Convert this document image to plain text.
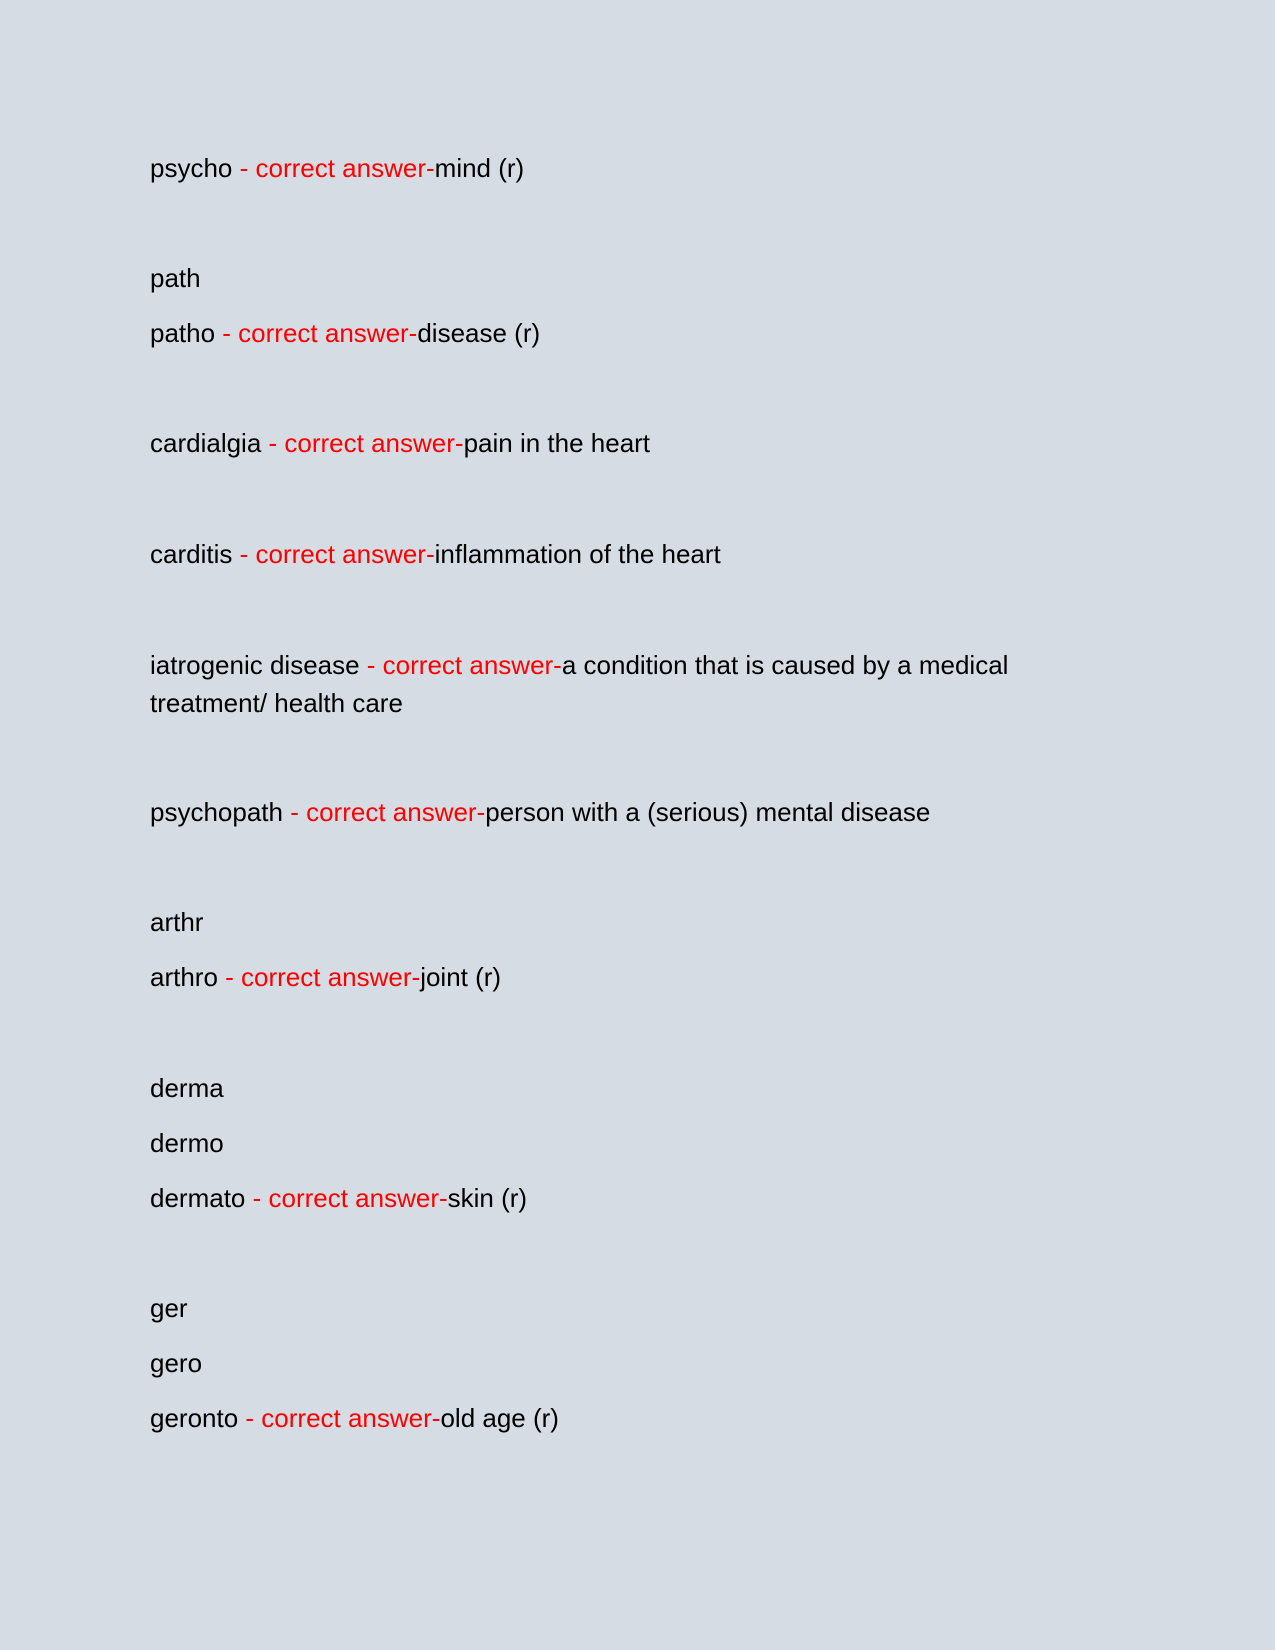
psycho - correct answer-mind (r)
path
patho - correct answer-disease (r)
cardialgia - correct answer-pain in the heart
carditis - correct answer-inflammation of the heart
iatrogenic disease - correct answer-a condition that is caused by a medical treatment/ health care
psychopath - correct answer-person with a (serious) mental disease
arthr
arthro - correct answer-joint (r)
derma
dermo
dermato - correct answer-skin (r)
ger
gero
geronto - correct answer-old age (r)
